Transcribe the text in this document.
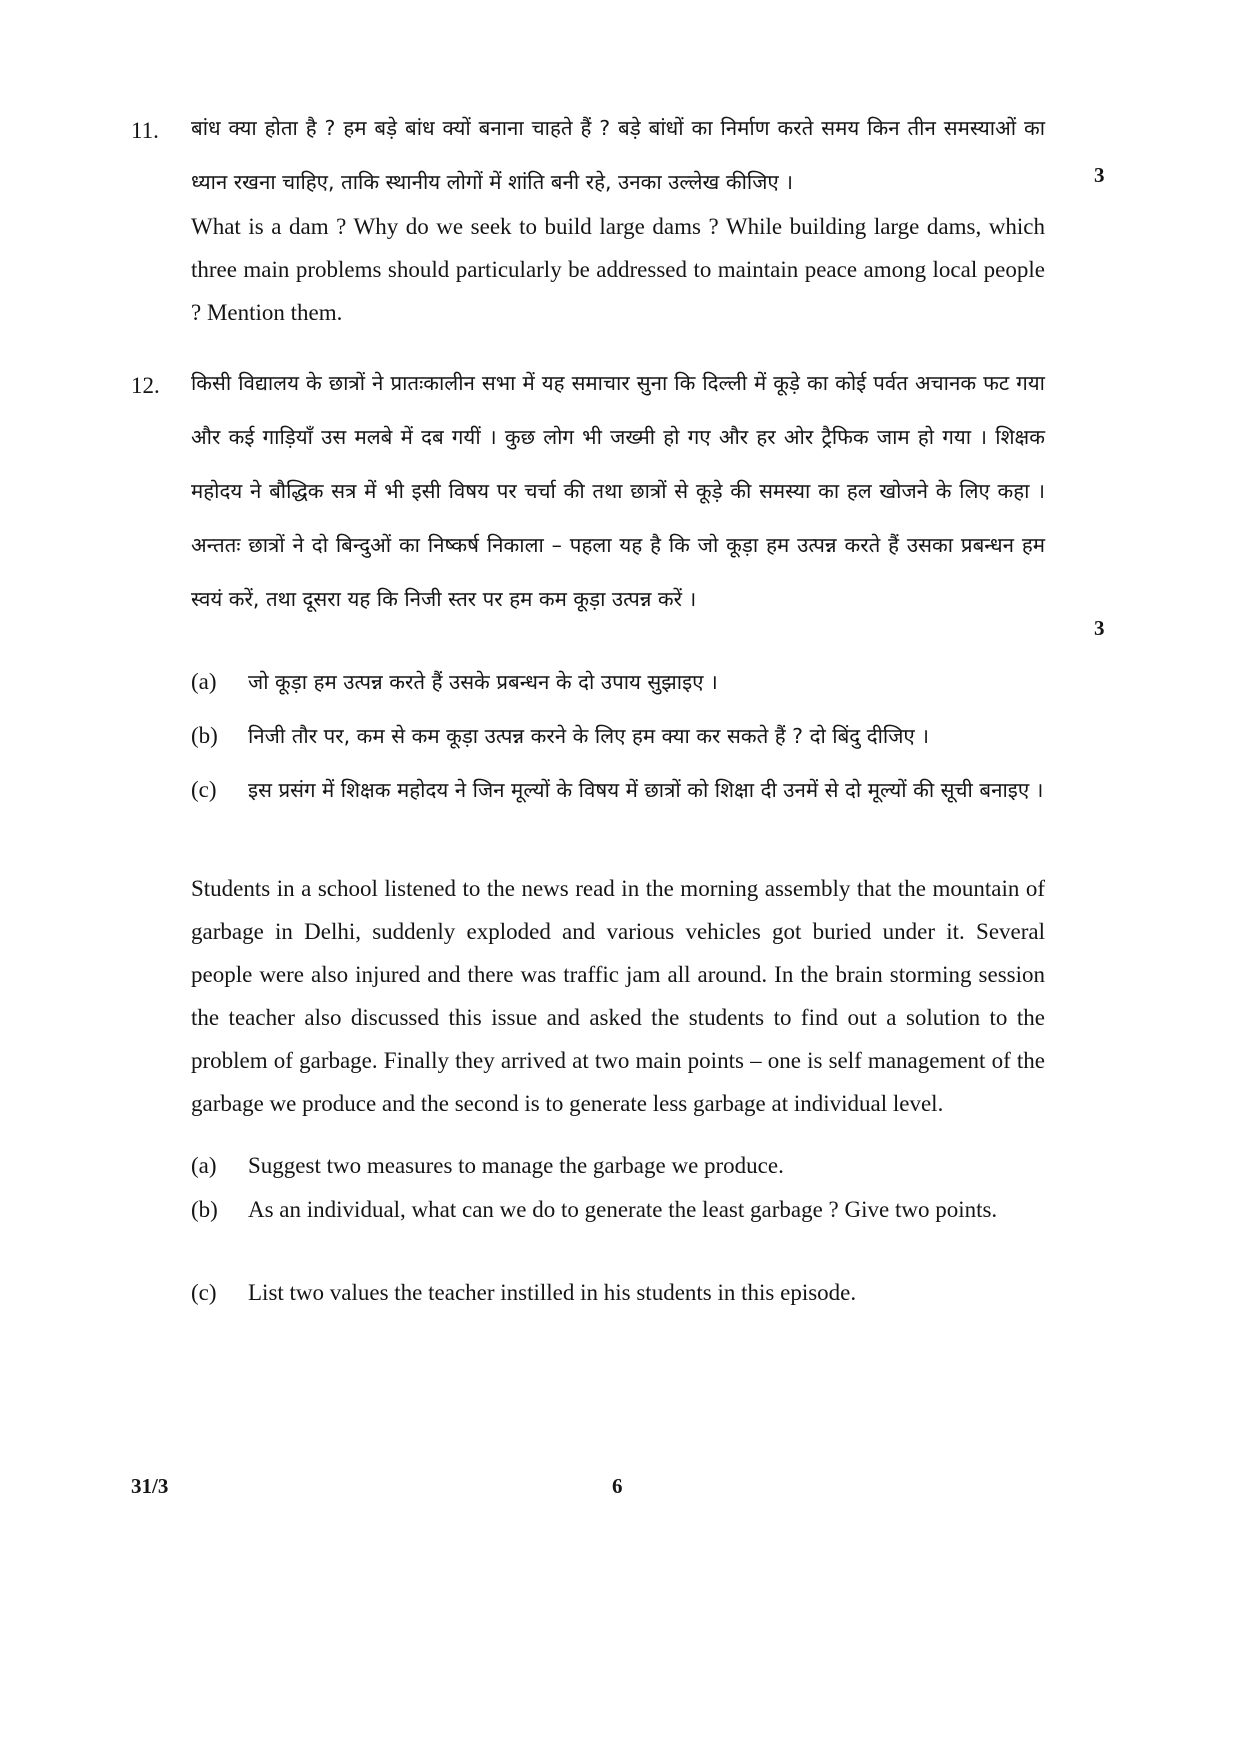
11. बांध क्या होता है ? हम बड़े बांध क्यों बनाना चाहते हैं ? बड़े बांधों का निर्माण करते समय किन तीन समस्याओं का ध्यान रखना चाहिए, ताकि स्थानीय लोगों में शांति बनी रहे, उनका उल्लेख कीजिए ।	3

What is a dam ? Why do we seek to build large dams ? While building large dams, which three main problems should particularly be addressed to maintain peace among local people ? Mention them.

12. किसी विद्यालय के छात्रों ने प्रातःकालीन सभा में यह समाचार सुना कि दिल्ली में कूड़े का कोई पर्वत अचानक फट गया और कई गाड़ियाँ उस मलबे में दब गयीं । कुछ लोग भी जख्मी हो गए और हर ओर ट्रैफिक जाम हो गया । शिक्षक महोदय ने बौद्धिक सत्र में भी इसी विषय पर चर्चा की तथा छात्रों से कूड़े की समस्या का हल खोजने के लिए कहा । अन्ततः छात्रों ने दो बिन्दुओं का निष्कर्ष निकाला – पहला यह है कि जो कूड़ा हम उत्पन्न करते हैं उसका प्रबन्धन हम स्वयं करें, तथा दूसरा यह कि निजी स्तर पर हम कम कूड़ा उत्पन्न करें ।

3
(a) जो कूड़ा हम उत्पन्न करते हैं उसके प्रबन्धन के दो उपाय सुझाइए ।

(b) निजी तौर पर, कम से कम कूड़ा उत्पन्न करने के लिए हम क्या कर सकते हैं ? दो बिंदु दीजिए ।

(c) इस प्रसंग में शिक्षक महोदय ने जिन मूल्यों के विषय में छात्रों को शिक्षा दी उनमें से दो मूल्यों की सूची बनाइए ।

Students in a school listened to the news read in the morning assembly that the mountain of garbage in Delhi, suddenly exploded and various vehicles got buried under it. Several people were also injured and there was traffic jam all around. In the brain storming session the teacher also discussed this issue and asked the students to find out a solution to the problem of garbage. Finally they arrived at two main points – one is self management of the garbage we produce and the second is to generate less garbage at individual level.

(a) Suggest two measures to manage the garbage we produce.

(b) As an individual, what can we do to generate the least garbage ? Give two points.

(c) List two values the teacher instilled in his students in this episode.

31/3	6
